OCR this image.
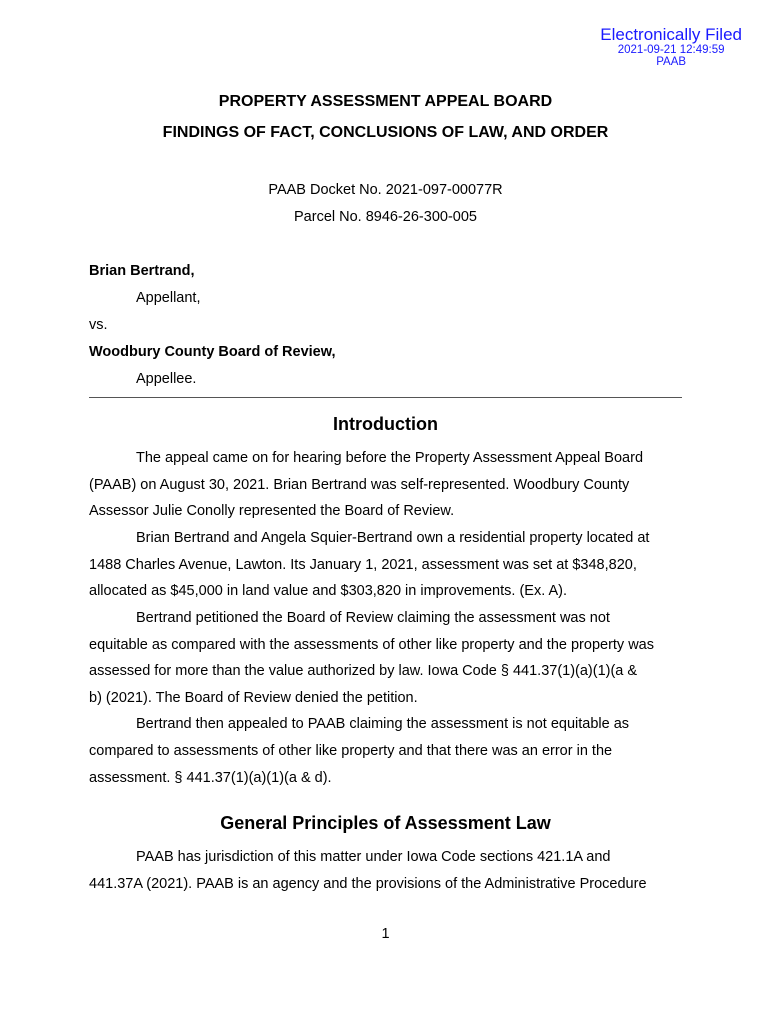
Electronically Filed
2021-09-21 12:49:59
PAAB
PROPERTY ASSESSMENT APPEAL BOARD
FINDINGS OF FACT, CONCLUSIONS OF LAW, AND ORDER
PAAB Docket No. 2021-097-00077R
Parcel No. 8946-26-300-005
Brian Bertrand,
Appellant,
vs.
Woodbury County Board of Review,
Appellee.
Introduction
The appeal came on for hearing before the Property Assessment Appeal Board
(PAAB) on August 30, 2021. Brian Bertrand was self-represented. Woodbury County
Assessor Julie Conolly represented the Board of Review.
Brian Bertrand and Angela Squier-Bertrand own a residential property located at
1488 Charles Avenue, Lawton. Its January 1, 2021, assessment was set at $348,820,
allocated as $45,000 in land value and $303,820 in improvements. (Ex. A).
Bertrand petitioned the Board of Review claiming the assessment was not
equitable as compared with the assessments of other like property and the property was
assessed for more than the value authorized by law. Iowa Code § 441.37(1)(a)(1)(a &
b) (2021). The Board of Review denied the petition.
Bertrand then appealed to PAAB claiming the assessment is not equitable as
compared to assessments of other like property and that there was an error in the
assessment. § 441.37(1)(a)(1)(a & d).
General Principles of Assessment Law
PAAB has jurisdiction of this matter under Iowa Code sections 421.1A and
441.37A (2021). PAAB is an agency and the provisions of the Administrative Procedure
1
